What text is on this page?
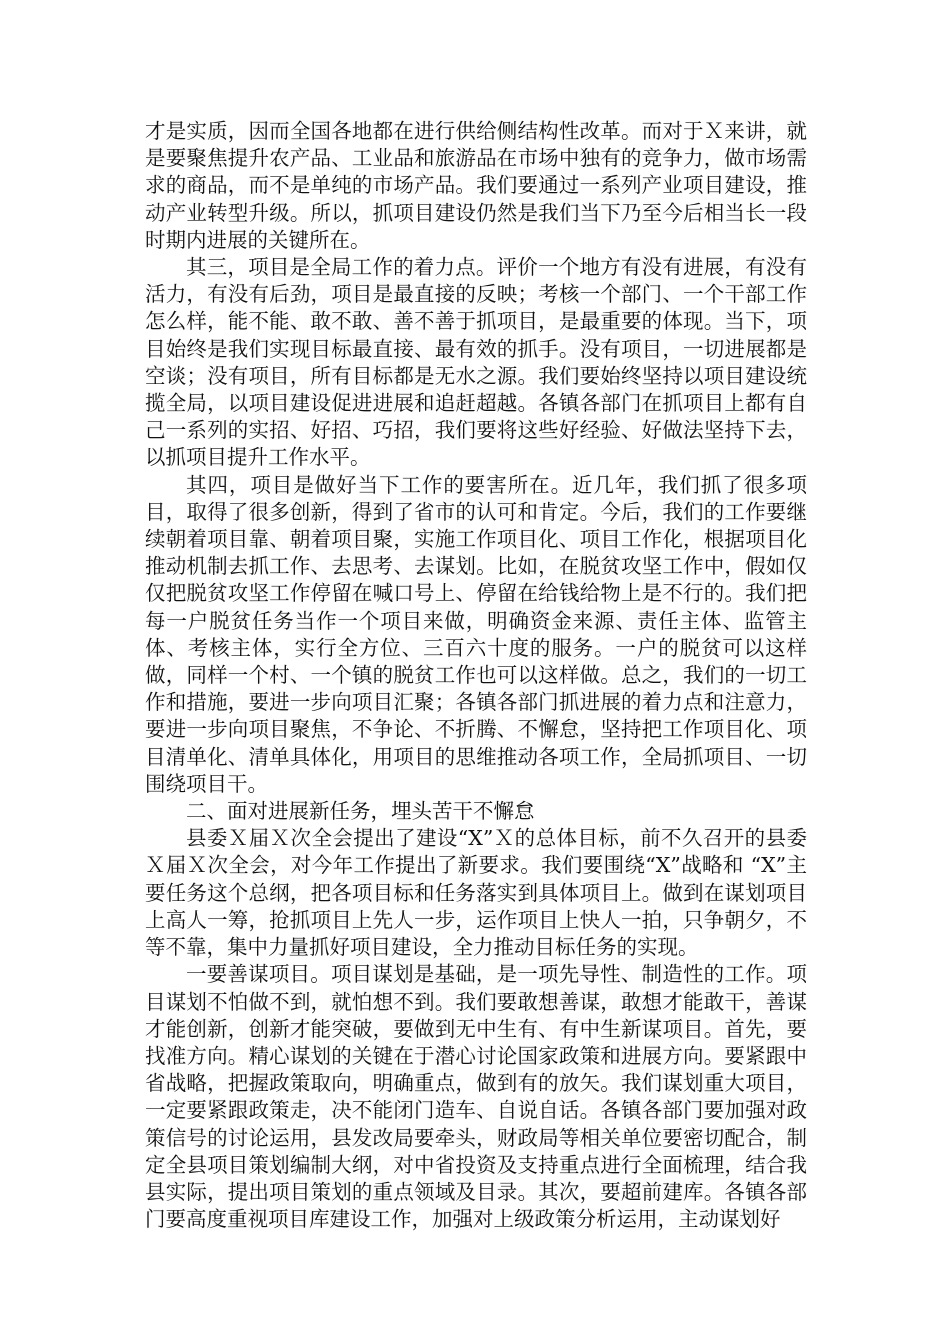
才是实质，因而全国各地都在进行供给侧结构性改革。而对于Ｘ来讲，就是要聚焦提升农产品、工业品和旅游品在市场中独有的竞争力，做市场需求的商品，而不是单纯的市场产品。我们要通过一系列产业项目建设，推动产业转型升级。所以，抓项目建设仍然是我们当下乃至今后相当长一段时期内进展的关键所在。

其三，项目是全局工作的着力点。评价一个地方有没有进展，有没有活力，有没有后劲，项目是最直接的反映；考核一个部门、一个干部工作怎么样，能不能、敢不敢、善不善于抓项目，是最重要的体现。当下，项目始终是我们实现目标最直接、最有效的抓手。没有项目，一切进展都是空谈；没有项目，所有目标都是无水之源。我们要始终坚持以项目建设统揽全局，以项目建设促进进展和追赶超越。各镇各部门在抓项目上都有自己一系列的实招、好招、巧招，我们要将这些好经验、好做法坚持下去，以抓项目提升工作水平。

其四，项目是做好当下工作的要害所在。近几年，我们抓了很多项目，取得了很多创新，得到了省市的认可和肯定。今后，我们的工作要继续朝着项目靠、朝着项目聚，实施工作项目化、项目工作化，根据项目化推动机制去抓工作、去思考、去谋划。比如，在脱贫攻坚工作中，假如仅仅把脱贫攻坚工作停留在喊口号上、停留在给钱给物上是不行的。我们把每一户脱贫任务当作一个项目来做，明确资金来源、责任主体、监管主体、考核主体，实行全方位、三百六十度的服务。一户的脱贫可以这样做，同样一个村、一个镇的脱贫工作也可以这样做。总之，我们的一切工作和措施，要进一步向项目汇聚；各镇各部门抓进展的着力点和注意力，要进一步向项目聚焦，不争论、不折腾、不懈怠，坚持把工作项目化、项目清单化、清单具体化，用项目的思维推动各项工作，全局抓项目、一切围绕项目干。

二、面对进展新任务，埋头苦干不懈怠

县委Ｘ届Ｘ次全会提出了建设“X”Ｘ的总体目标，前不久召开的县委Ｘ届Ｘ次全会，对今年工作提出了新要求。我们要围绕“X”战略和 “X”主要任务这个总纲，把各项目标和任务落实到具体项目上。做到在谋划项目上高人一筹，抢抓项目上先人一步，运作项目上快人一拍，只争朝夕，不等不靠，集中力量抓好项目建设，全力推动目标任务的实现。

一要善谋项目。项目谋划是基础，是一项先导性、制造性的工作。项目谋划不怕做不到，就怕想不到。我们要敢想善谋，敢想才能敢干，善谋才能创新，创新才能突破，要做到无中生有、有中生新谋项目。首先，要找准方向。精心谋划的关键在于潜心讨论国家政策和进展方向。要紧跟中省战略，把握政策取向，明确重点，做到有的放矢。我们谋划重大项目，一定要紧跟政策走，决不能闭门造车、自说自话。各镇各部门要加强对政策信号的讨论运用，县发改局要牵头，财政局等相关单位要密切配合，制定全县项目策划编制大纲，对中省投资及支持重点进行全面梳理，结合我县实际，提出项目策划的重点领域及目录。其次，要超前建库。各镇各部门要高度重视项目库建设工作，加强对上级政策分析运用，主动谋划好
